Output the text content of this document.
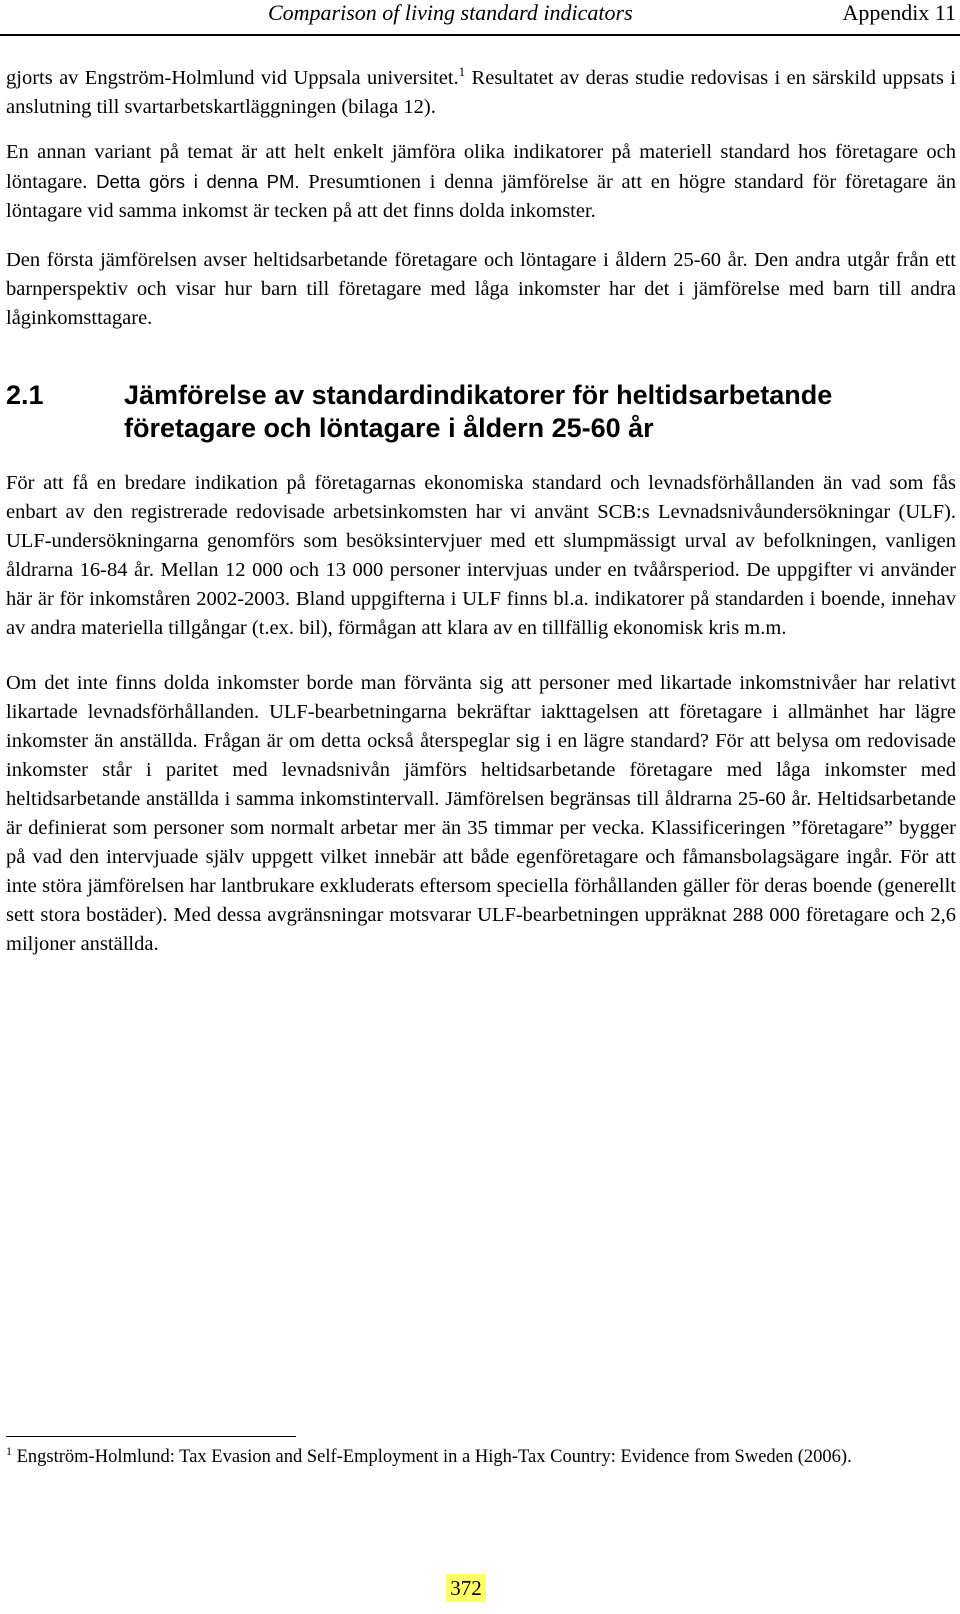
Comparison of living standard indicators	Appendix 11

gjorts av Engström-Holmlund vid Uppsala universitet.$^1$ Resultatet av deras studie redovisas i en särskild uppsats i anslutning till svartarbetskartläggningen (bilaga 12).

En annan variant på temat är att helt enkelt jämföra olika indikatorer på materiell standard hos företagare och löntagare. Detta görs i denna PM. Presumtionen i denna jämförelse är att en högre standard för företagare än löntagare vid samma inkomst är tecken på att det finns dolda inkomster.

Den första jämförelsen avser heltidsarbetande företagare och löntagare i åldern 25-60 år. Den andra utgår från ett barnperspektiv och visar hur barn till företagare med låga inkomster har det i jämförelse med barn till andra låginkomsttagare.

2.1	Jämförelse av standardindikatorer för heltidsarbetande företagare och löntagare i åldern 25-60 år

För att få en bredare indikation på företagarnas ekonomiska standard och levnadsförhållanden än vad som fås enbart av den registrerade redovisade arbetsinkomsten har vi använt SCB:s Levnadsnivåundersökningar (ULF). ULF-undersökningarna genomförs som besöksintervjuer med ett slumpmässigt urval av befolkningen, vanligen åldrarna 16-84 år. Mellan 12 000 och 13 000 personer intervjuas under en tvåårsperiod. De uppgifter vi använder här är för inkomståren 2002-2003. Bland uppgifterna i ULF finns bl.a. indikatorer på standarden i boende, innehav av andra materiella tillgångar (t.ex. bil), förmågan att klara av en tillfällig ekonomisk kris m.m.

Om det inte finns dolda inkomster borde man förvänta sig att personer med likartade inkomstnivåer har relativt likartade levnadsförhållanden. ULF-bearbetningarna bekräftar iakttagelsen att företagare i allmänhet har lägre inkomster än anställda. Frågan är om detta också återspeglar sig i en lägre standard? För att belysa om redovisade inkomster står i paritet med levnadsnivån jämförs heltidsarbetande företagare med låga inkomster med heltidsarbetande anställda i samma inkomstintervall. Jämförelsen begränsas till åldrarna 25-60 år. Heltidsarbetande är definierat som personer som normalt arbetar mer än 35 timmar per vecka. Klassificeringen ”företagare” bygger på vad den intervjuade själv uppgett vilket innebär att både egenföretagare och fåmansbolagsägare ingår. För att inte störa jämförelsen har lantbrukare exkluderats eftersom speciella förhållanden gäller för deras boende (generellt sett stora bostäder). Med dessa avgränsningar motsvarar ULF-bearbetningen uppräknat 288 000 företagare och 2,6 miljoner anställda.

$^1$ Engström-Holmlund: Tax Evasion and Self-Employment in a High-Tax Country: Evidence from Sweden (2006).
372
